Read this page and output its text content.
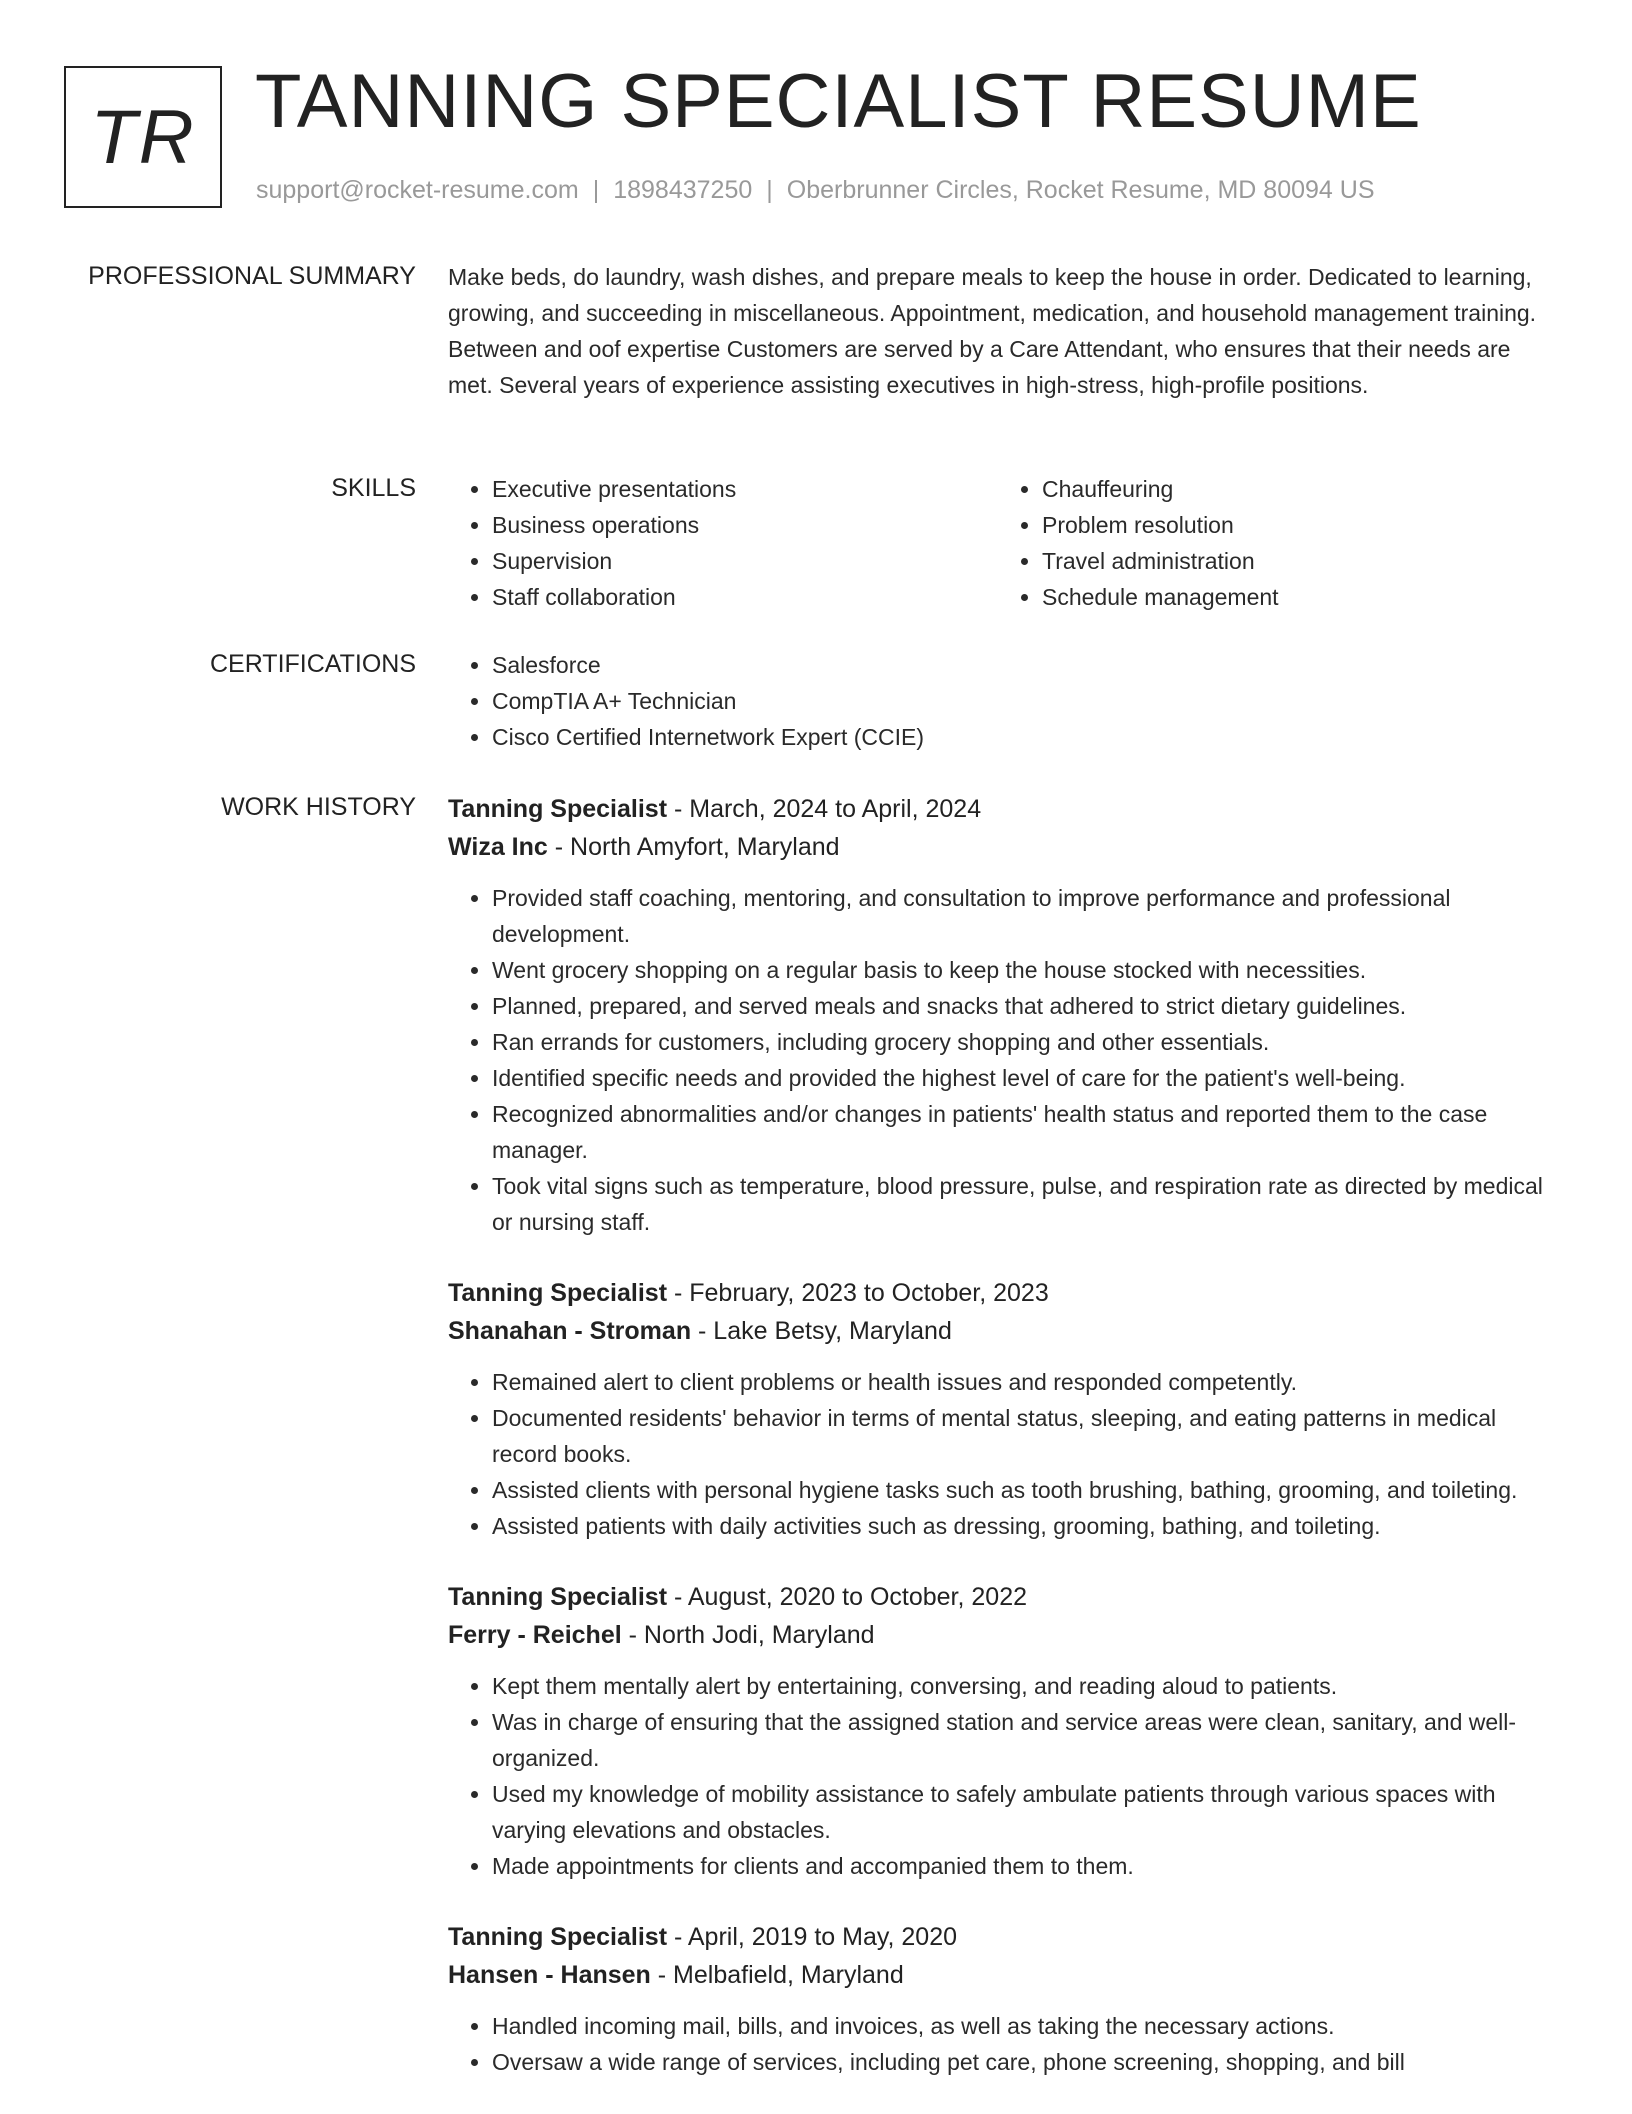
TR TANNING SPECIALIST RESUME
support@rocket-resume.com | 1898437250 | Oberbrunner Circles, Rocket Resume, MD 80094 US
PROFESSIONAL SUMMARY Make beds, do laundry, wash dishes, and prepare meals to keep the house in order. Dedicated to learning, growing, and succeeding in miscellaneous. Appointment, medication, and household management training. Between and oof expertise Customers are served by a Care Attendant, who ensures that their needs are met. Several years of experience assisting executives in high-stress, high-profile positions.

SKILLS	• Executive presentations
• Business operations
• Supervision
• Staff collaboration
• Chauffeuring
• Problem resolution
• Travel administration
• Schedule management
CERTIFICATIONS	• Salesforce
• CompTIA A+ Technician
• Cisco Certified Internetwork Expert (CCIE)
WORK HISTORY Tanning Specialist - March, 2024 to April, 2024
Wiza Inc - North Amyfort, Maryland
• Provided staff coaching, mentoring, and consultation to improve performance and professional development.
• Went grocery shopping on a regular basis to keep the house stocked with necessities.
• Planned, prepared, and served meals and snacks that adhered to strict dietary guidelines.
• Ran errands for customers, including grocery shopping and other essentials.
• Identified specific needs and provided the highest level of care for the patient's well-being.
• Recognized abnormalities and/or changes in patients' health status and reported them to the case manager.
• Took vital signs such as temperature, blood pressure, pulse, and respiration rate as directed by medical or nursing staff.
Tanning Specialist - February, 2023 to October, 2023
Shanahan - Stroman - Lake Betsy, Maryland
• Remained alert to client problems or health issues and responded competently.
• Documented residents' behavior in terms of mental status, sleeping, and eating patterns in medical record books.
• Assisted clients with personal hygiene tasks such as tooth brushing, bathing, grooming, and toileting.
• Assisted patients with daily activities such as dressing, grooming, bathing, and toileting.
Tanning Specialist - August, 2020 to October, 2022
Ferry - Reichel - North Jodi, Maryland
• Kept them mentally alert by entertaining, conversing, and reading aloud to patients.
• Was in charge of ensuring that the assigned station and service areas were clean, sanitary, and well-organized.
• Used my knowledge of mobility assistance to safely ambulate patients through various spaces with varying elevations and obstacles.
• Made appointments for clients and accompanied them to them.
Tanning Specialist - April, 2019 to May, 2020
Hansen - Hansen - Melbafield, Maryland
• Handled incoming mail, bills, and invoices, as well as taking the necessary actions.
• Oversaw a wide range of services, including pet care, phone screening, shopping, and bill
